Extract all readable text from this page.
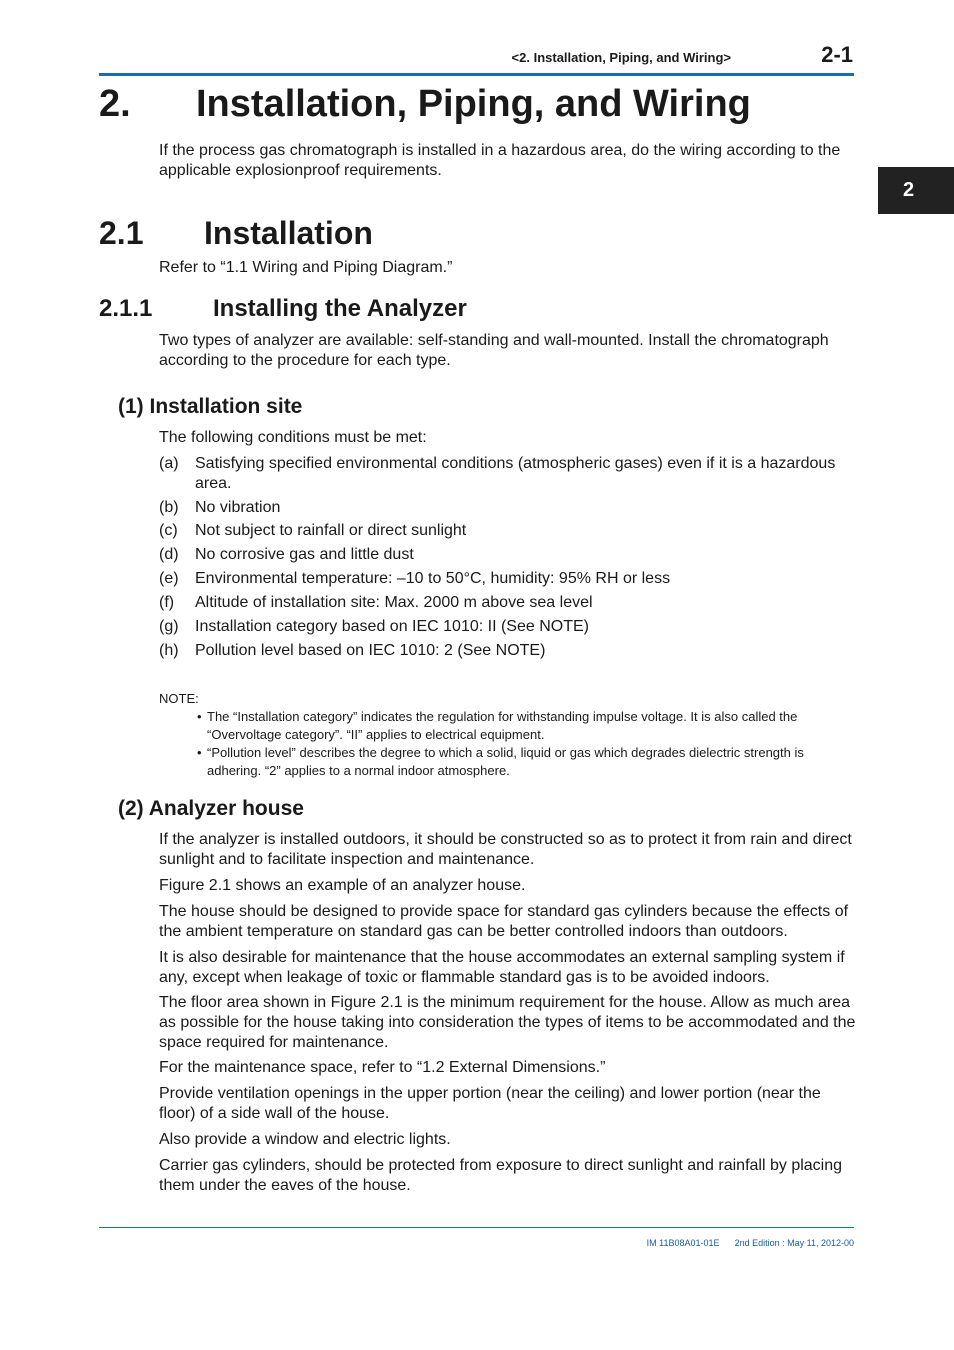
<2. Installation, Piping, and Wiring>	2-1
2
2. Installation, Piping, and Wiring

If the process gas chromatograph is installed in a hazardous area, do the wiring according to the applicable explosionproof requirements.

2.1 Installation

Refer to “1.1 Wiring and Piping Diagram.”

2.1.1	Installing the Analyzer

Two types of analyzer are available: self-standing and wall-mounted. Install the chromatograph according to the procedure for each type.

(1) Installation site

The following conditions must be met:

(a) Satisfying specified environmental conditions (atmospheric gases) even if it is a hazardous area.
(b) No vibration
(c) Not subject to rainfall or direct sunlight
(d) No corrosive gas and little dust
(e) Environmental temperature: –10 to 50°C, humidity: 95% RH or less
(f) Altitude of installation site: Max. 2000 m above sea level
(g) Installation category based on IEC 1010: II (See NOTE)
(h) Pollution level based on IEC 1010: 2 (See NOTE)
NOTE:
• The “Installation category” indicates the regulation for withstanding impulse voltage. It is also called the “Overvoltage category”. “II” applies to electrical equipment.
• “Pollution level” describes the degree to which a solid, liquid or gas which degrades dielectric strength is adhering. “2” applies to a normal indoor atmosphere.
(2) Analyzer house

If the analyzer is installed outdoors, it should be constructed so as to protect it from rain and direct sunlight and to facilitate inspection and maintenance.

Figure 2.1 shows an example of an analyzer house.

The house should be designed to provide space for standard gas cylinders because the effects of the ambient temperature on standard gas can be better controlled indoors than outdoors.

It is also desirable for maintenance that the house accommodates an external sampling system if any, except when leakage of toxic or flammable standard gas is to be avoided indoors.

The floor area shown in Figure 2.1 is the minimum requirement for the house. Allow as much area as possible for the house taking into consideration the types of items to be accommodated and the space required for maintenance.

For the maintenance space, refer to “1.2 External Dimensions.”

Provide ventilation openings in the upper portion (near the ceiling) and lower portion (near the floor) of a side wall of the house.

Also provide a window and electric lights.

Carrier gas cylinders, should be protected from exposure to direct sunlight and rainfall by placing them under the eaves of the house.

IM 11B08A01-01E 2nd Edition : May 11, 2012-00
